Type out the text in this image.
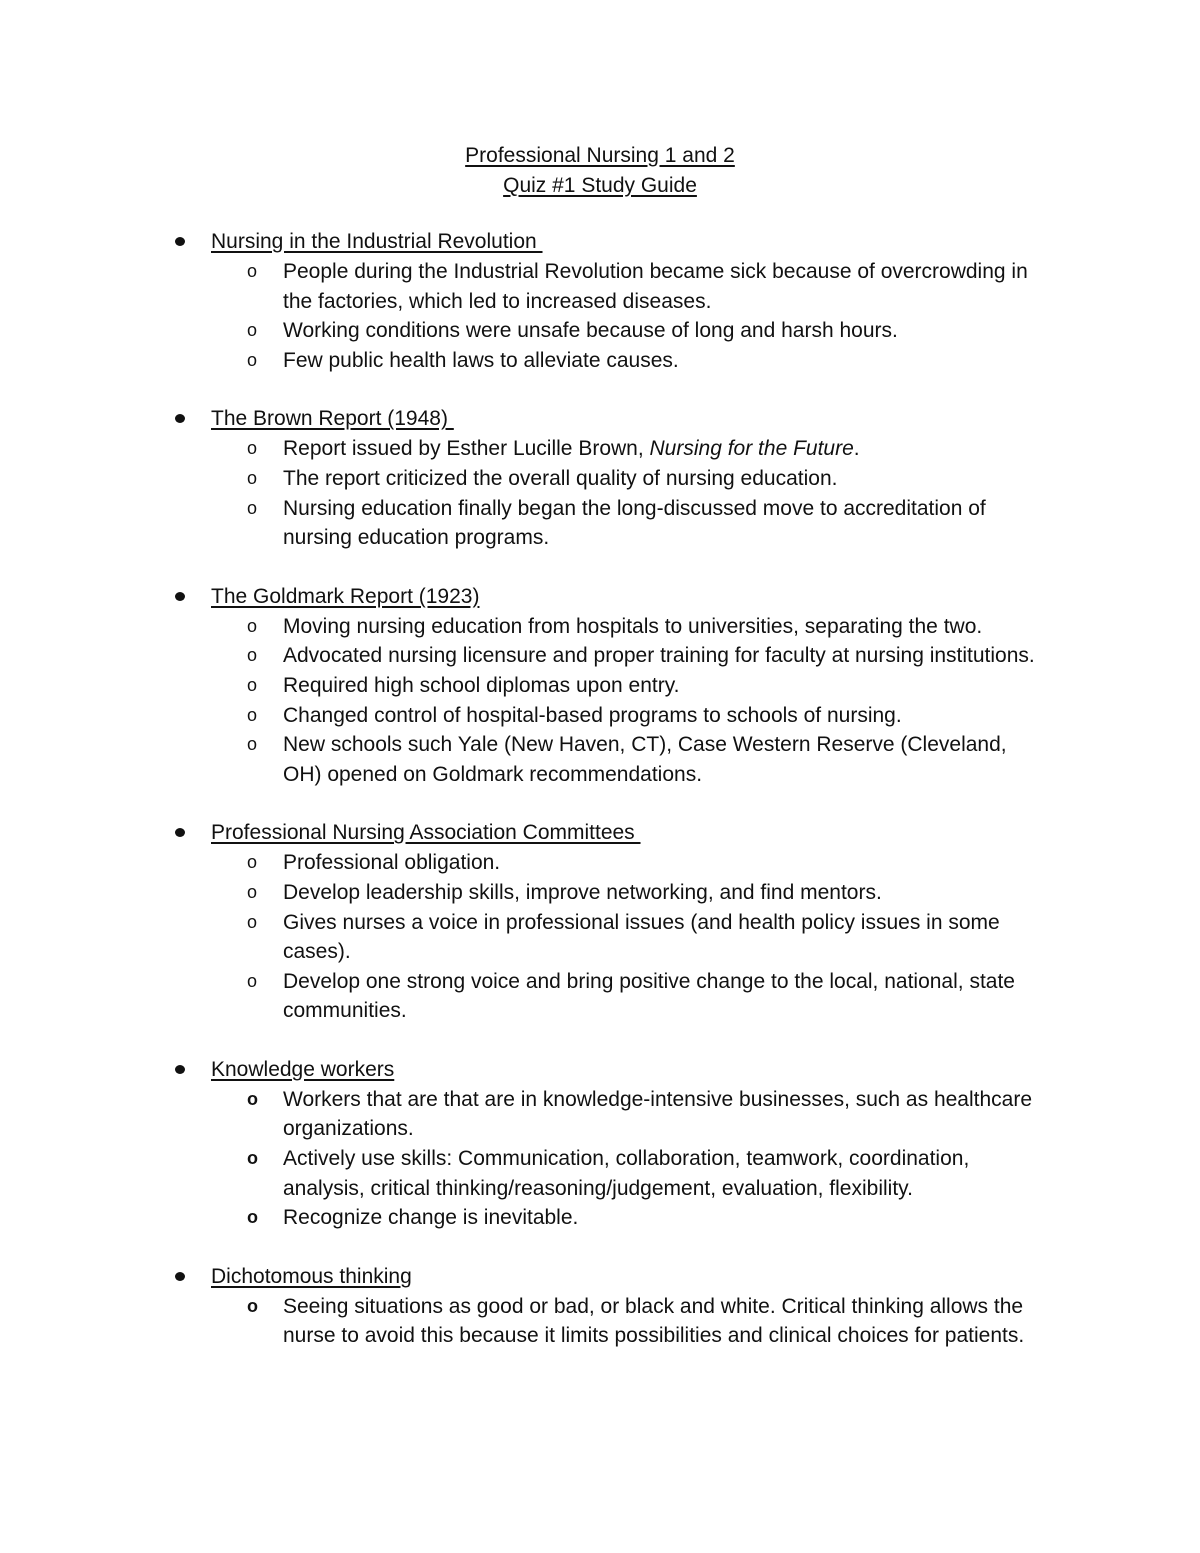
Professional Nursing 1 and 2
Quiz #1 Study Guide
Nursing in the Industrial Revolution
o People during the Industrial Revolution became sick because of overcrowding in the factories, which led to increased diseases.
o Working conditions were unsafe because of long and harsh hours.
o Few public health laws to alleviate causes.
The Brown Report (1948)
o Report issued by Esther Lucille Brown, Nursing for the Future.
o The report criticized the overall quality of nursing education.
o Nursing education finally began the long-discussed move to accreditation of nursing education programs.
The Goldmark Report (1923)
o Moving nursing education from hospitals to universities, separating the two.
o Advocated nursing licensure and proper training for faculty at nursing institutions.
o Required high school diplomas upon entry.
o Changed control of hospital-based programs to schools of nursing.
o New schools such Yale (New Haven, CT), Case Western Reserve (Cleveland, OH) opened on Goldmark recommendations.
Professional Nursing Association Committees
o Professional obligation.
o Develop leadership skills, improve networking, and find mentors.
o Gives nurses a voice in professional issues (and health policy issues in some cases).
o Develop one strong voice and bring positive change to the local, national, state communities.
Knowledge workers
o Workers that are that are in knowledge-intensive businesses, such as healthcare organizations.
o Actively use skills: Communication, collaboration, teamwork, coordination, analysis, critical thinking/reasoning/judgement, evaluation, flexibility.
o Recognize change is inevitable.
Dichotomous thinking
o Seeing situations as good or bad, or black and white. Critical thinking allows the nurse to avoid this because it limits possibilities and clinical choices for patients.
